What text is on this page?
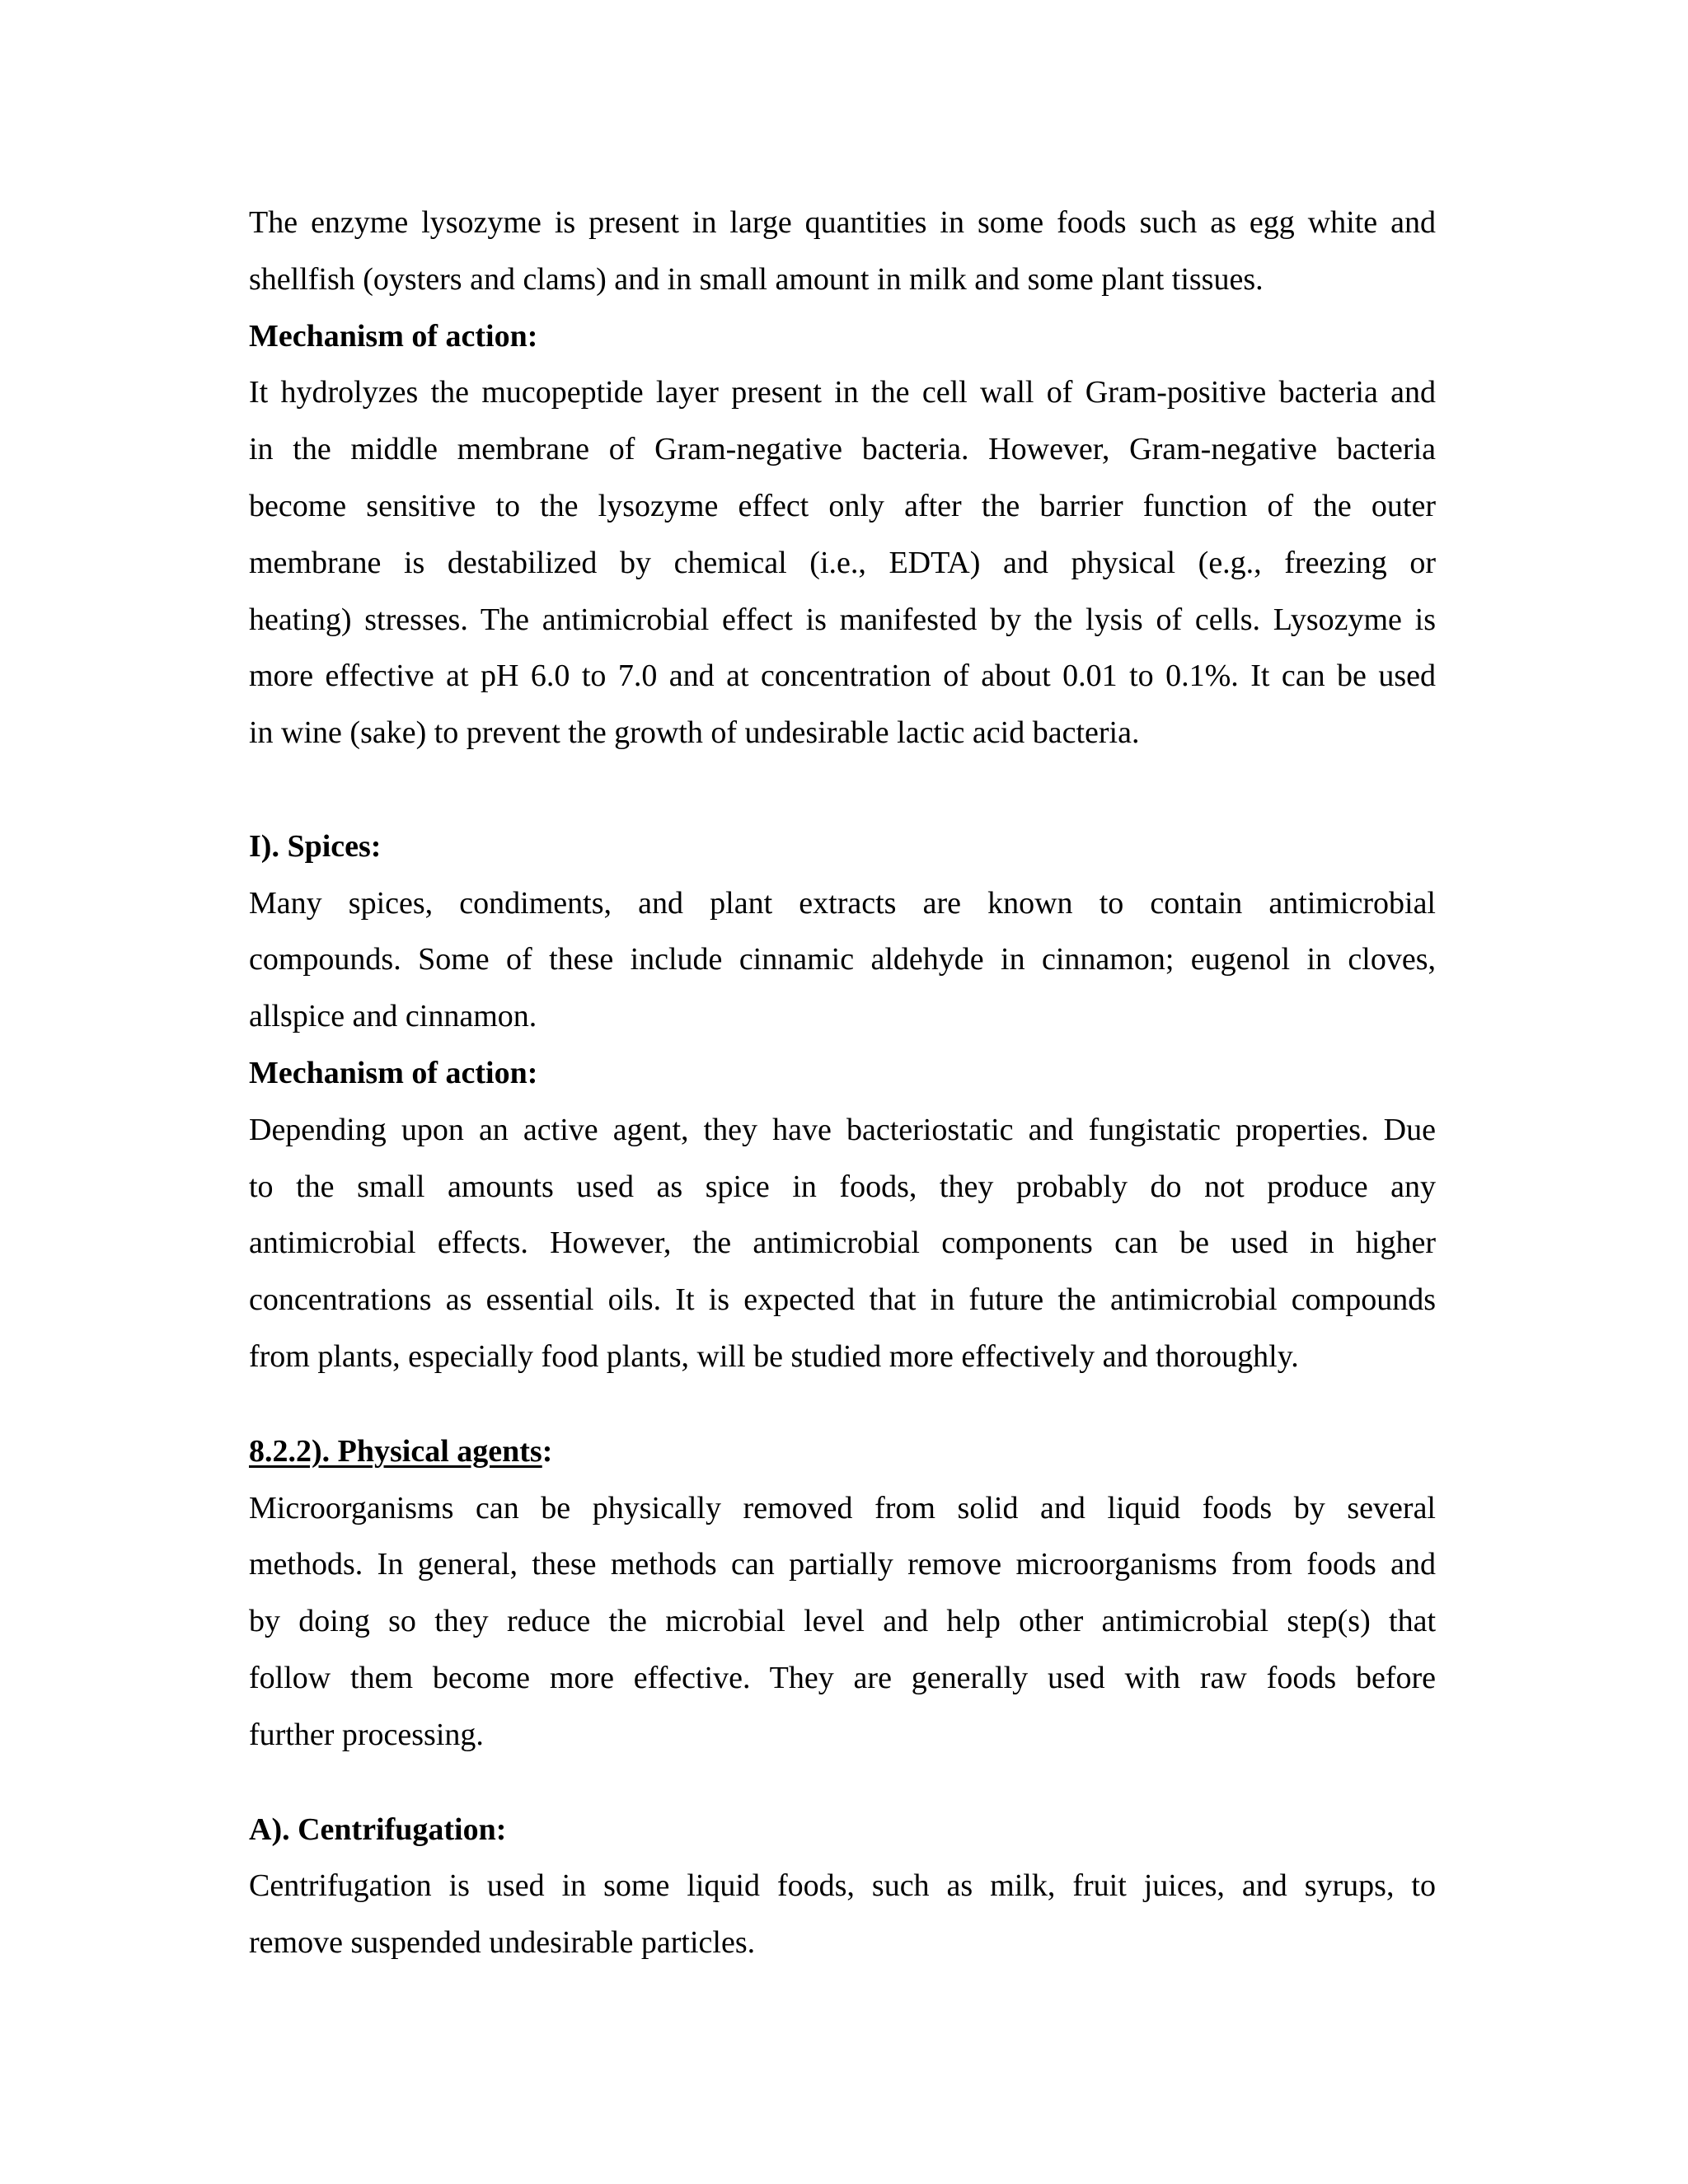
The enzyme lysozyme is present in large quantities in some foods such as egg white and
shellfish (oysters and clams) and in small amount in milk and some plant tissues.
Mechanism of action:
It hydrolyzes the mucopeptide layer present in the cell wall of Gram-positive bacteria and
in the middle membrane of Gram-negative bacteria. However, Gram-negative bacteria
become sensitive to the lysozyme effect only after the barrier function of the outer
membrane is destabilized by chemical (i.e., EDTA) and physical (e.g., freezing or
heating) stresses. The antimicrobial effect is manifested by the lysis of cells. Lysozyme is
more effective at pH 6.0 to 7.0 and at concentration of about 0.01 to 0.1%. It can be used
in wine (sake) to prevent the growth of undesirable lactic acid bacteria.
I). Spices:
Many spices, condiments, and plant extracts are known to contain antimicrobial
compounds. Some of these include cinnamic aldehyde in cinnamon; eugenol in cloves,
allspice and cinnamon.
Mechanism of action:
Depending upon an active agent, they have bacteriostatic and fungistatic properties. Due
to the small amounts used as spice in foods, they probably do not produce any
antimicrobial effects. However, the antimicrobial components can be used in higher
concentrations as essential oils. It is expected that in future the antimicrobial compounds
from plants, especially food plants, will be studied more effectively and thoroughly.
8.2.2). Physical agents:
Microorganisms can be physically removed from solid and liquid foods by several
methods. In general, these methods can partially remove microorganisms from foods and
by doing so they reduce the microbial level and help other antimicrobial step(s) that
follow them become more effective. They are generally used with raw foods before
further processing.
A). Centrifugation:
Centrifugation is used in some liquid foods, such as milk, fruit juices, and syrups, to
remove suspended undesirable particles.
